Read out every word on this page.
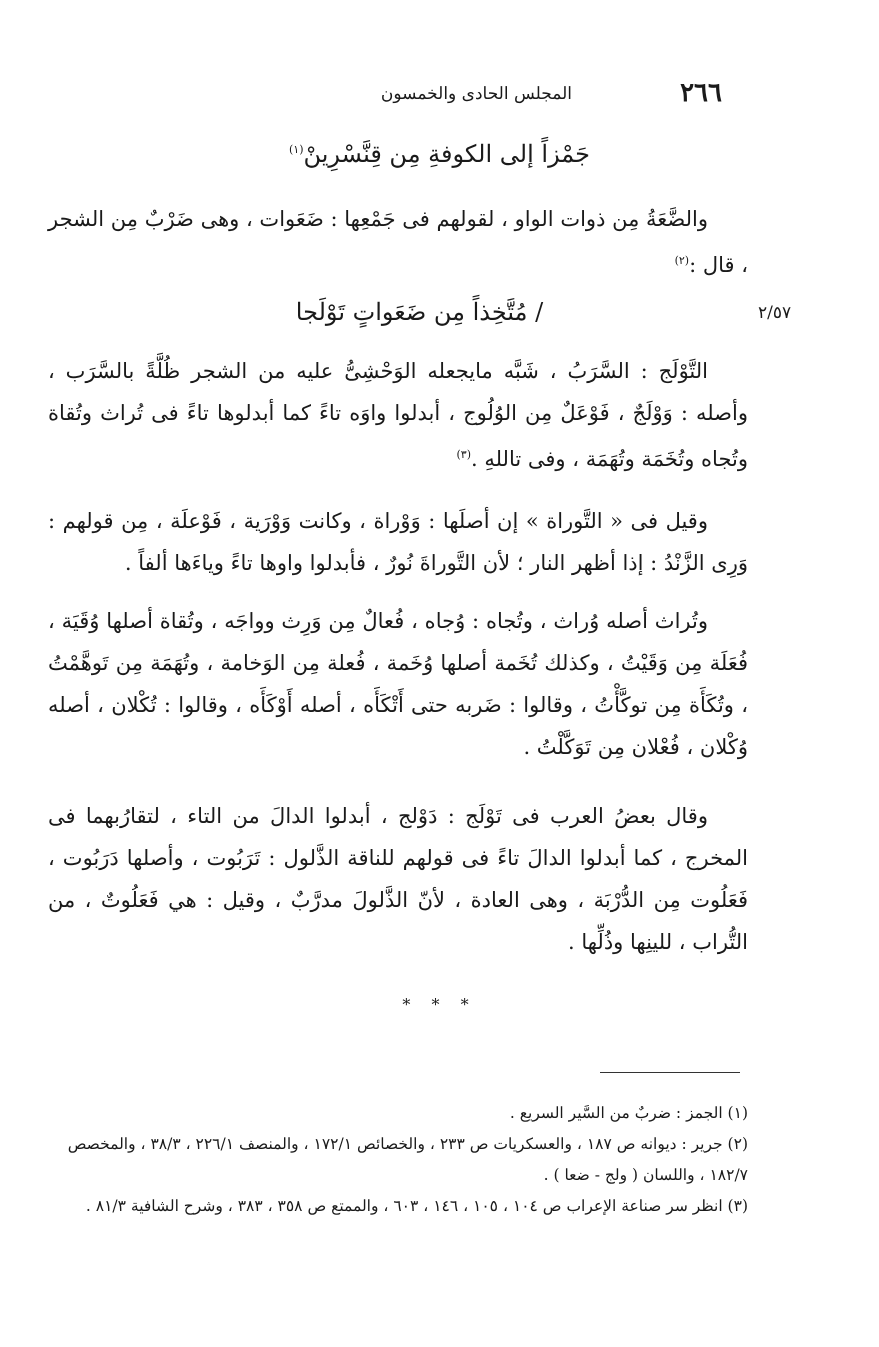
٢٦٦
المجلس الحادى والخمسون
جَمْزاً إلى الكوفةِ مِن قِنَّسْرِينْ$^{(١)}$
والضَّعَةُ مِن ذوات الواو ، لقولهم فى جَمْعِها : ضَعَوات ، وهى ضَرْبٌ مِن الشجر ، قال :$^{(٢)}$
٢/٥٧
/ مُتَّخِذاً مِن ضَعَواتٍ تَوْلَجا
التَّوْلَج : السَّرَبُ ، شَبَّه مايجعله الوَحْشِىُّ عليه من الشجر ظُلَّةً بالسَّرَب ، وأصله : وَوْلَجٌ ، فَوْعَلٌ مِن الوُلُوج ، أبدلوا واوَه تاءً كما أبدلوها تاءً فى تُراث وتُقاة وتُجاه وتُخَمَة وتُهَمَة ، وفى تاللهِ .$^{(٣)}$
وقيل فى « التَّوراة » إن أصلَها : وَوْراة ، وكانت وَوْرَية ، فَوْعلَة ، مِن قولهم : وَرِى الزَّنْدُ : إذا أظهر النار ؛ لأن التَّوراةَ نُورٌ ، فأبدلوا واوها تاءً وياءَها ألفاً .
وتُراث أصله وُراث ، وتُجاه : وُجاه ، فُعالٌ مِن وَرِث وواجَه ، وتُقاة أصلها وُقَيَة ، فُعَلَة مِن وَقَيْتُ ، وكذلك تُخَمة أصلها وُخَمة ، فُعلة مِن الوَخامة ، وتُهَمَة مِن تَوهَّمْتُ ، وتُكَأَة مِن توكَّأْتُ ، وقالوا : ضَربه حتى أَتْكَأَه ، أصله أَوْكَأَه ، وقالوا : تُكْلان ، أصله وُكْلان ، فُعْلان مِن تَوَكَّلْتُ .
وقال بعضُ العرب فى تَوْلَج : دَوْلج ، أبدلوا الدالَ من التاء ، لتقارُبهما فى المخرج ، كما أبدلوا الدالَ تاءً فى قولهم للناقة الذَّلول : تَرَبُوت ، وأصلها دَرَبُوت ، فَعَلُوت مِن الدُّرْبَة ، وهى العادة ، لأنّ الذَّلولَ مدرَّبٌ ، وقيل : هي فَعَلُوتٌ ، من التُّراب ، للينِها وذُلِّها .
* * *

(١) الجمز : ضربٌ من السَّير السريع .

(٢) جرير : ديوانه ص ١٨٧ ، والعسكريات ص ٢٣٣ ، والخصائص ١٧٢/١ ، والمنصف ٢٢٦/١ ، ٣٨/٣ ، والمخصص ١٨٢/٧ ، واللسان ( ولج - ضعا ) .

(٣) انظر سر صناعة الإعراب ص ١٠٤ ، ١٠٥ ، ١٤٦ ، ٦٠٣ ، والممتع ص ٣٥٨ ، ٣٨٣ ، وشرح الشافية ٨١/٣ .
